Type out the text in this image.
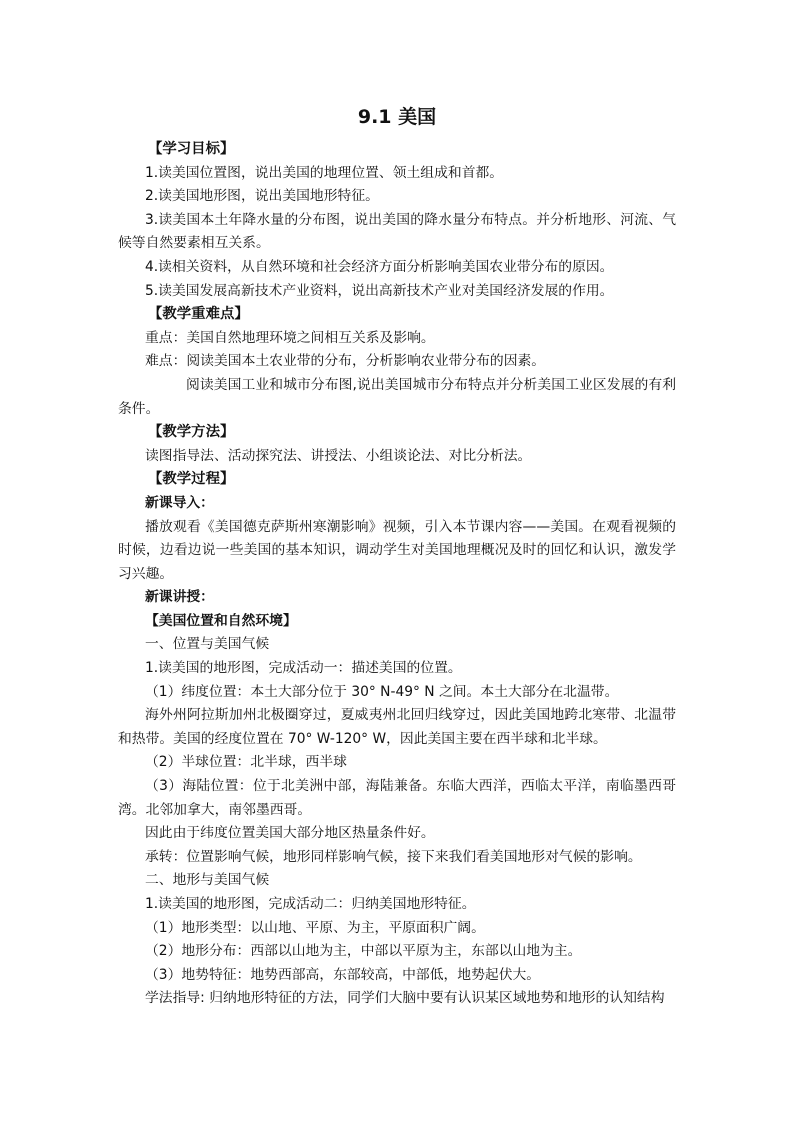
9.1 美国

【学习目标】

1.读美国位置图，说出美国的地理位置、领土组成和首都。

2.读美国地形图，说出美国地形特征。

3.读美国本土年降水量的分布图，说出美国的降水量分布特点。并分析地形、河流、气候等自然要素相互关系。

4.读相关资料，从自然环境和社会经济方面分析影响美国农业带分布的原因。

5.读美国发展高新技术产业资料，说出高新技术产业对美国经济发展的作用。

【教学重难点】

重点：美国自然地理环境之间相互关系及影响。

难点：阅读美国本土农业带的分布，分析影响农业带分布的因素。

阅读美国工业和城市分布图,说出美国城市分布特点并分析美国工业区发展的有利条件。

【教学方法】

读图指导法、活动探究法、讲授法、小组谈论法、对比分析法。

【教学过程】

新课导入：

播放观看《美国德克萨斯州寒潮影响》视频，引入本节课内容——美国。在观看视频的时候，边看边说一些美国的基本知识，调动学生对美国地理概况及时的回忆和认识，激发学习兴趣。

新课讲授：

【美国位置和自然环境】

一、位置与美国气候

1.读美国的地形图，完成活动一：描述美国的位置。

（1）纬度位置：本土大部分位于 30° N-49° N 之间。本土大部分在北温带。

海外州阿拉斯加州北极圈穿过，夏威夷州北回归线穿过，因此美国地跨北寒带、北温带和热带。美国的经度位置在 70° W-120° W，因此美国主要在西半球和北半球。

（2）半球位置：北半球，西半球

（3）海陆位置：位于北美洲中部，海陆兼备。东临大西洋，西临太平洋，南临墨西哥湾。北邻加拿大，南邻墨西哥。

因此由于纬度位置美国大部分地区热量条件好。

承转：位置影响气候，地形同样影响气候，接下来我们看美国地形对气候的影响。

二、地形与美国气候

1.读美国的地形图，完成活动二：归纳美国地形特征。

（1）地形类型：以山地、平原、为主，平原面积广阔。

（2）地形分布：西部以山地为主，中部以平原为主，东部以山地为主。

（3）地势特征：地势西部高，东部较高，中部低，地势起伏大。

学法指导: 归纳地形特征的方法，同学们大脑中要有认识某区域地势和地形的认知结构
